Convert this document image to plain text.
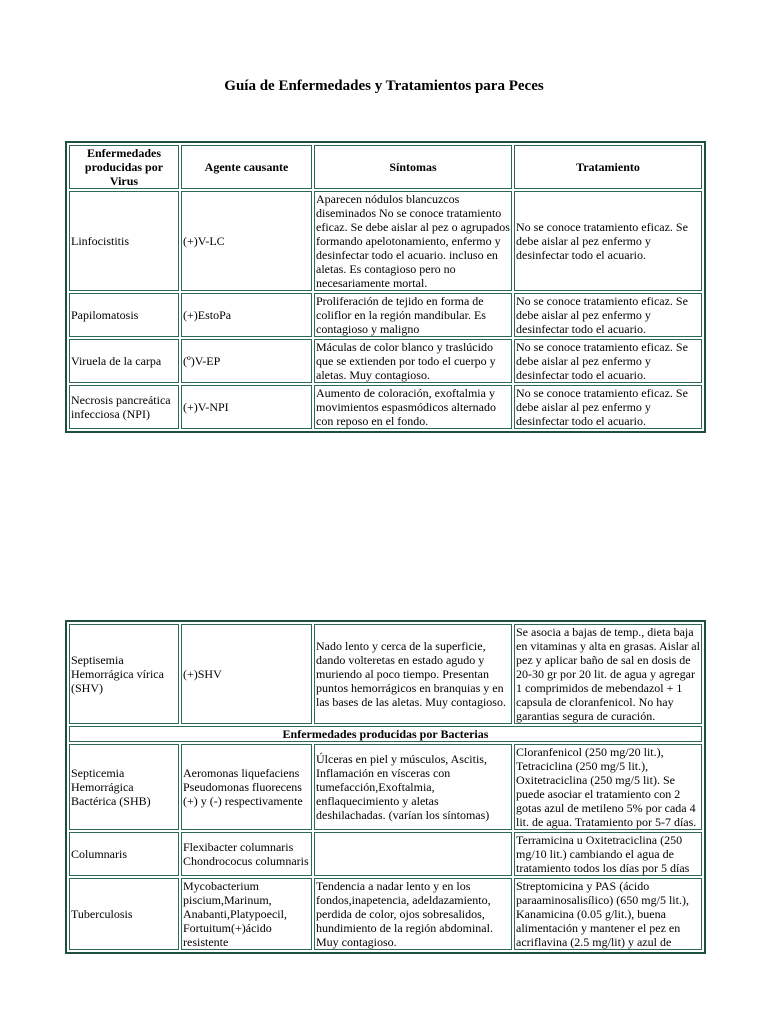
Guía de Enfermedades y Tratamientos para Peces
Enfermedades producidas por Virus	Agente causante	Síntomas	Tratamiento
Linfocistitis	(+)V-LC	Aparecen nódulos blancuzcos diseminados No se conoce tratamiento eficaz. Se debe aislar al pez o agrupados formando apelotonamiento, enfermo y desinfectar todo el acuario. incluso en aletas. Es contagioso pero no necesariamente mortal.	No se conoce tratamiento eficaz. Se debe aislar al pez enfermo y desinfectar todo el acuario.
Papilomatosis	(+)EstoPa	Proliferación de tejido en forma de coliflor en la región mandibular. Es contagioso y maligno	No se conoce tratamiento eficaz. Se debe aislar al pez enfermo y desinfectar todo el acuario.
Viruela de la carpa	(º)V-EP	Máculas de color blanco y traslúcido que se extienden por todo el cuerpo y aletas. Muy contagioso.	No se conoce tratamiento eficaz. Se debe aislar al pez enfermo y desinfectar todo el acuario.
Necrosis pancreática infecciosa (NPI)	(+)V-NPI	Aumento de coloración, exoftalmia y movimientos espasmódicos alternado con reposo en el fondo.	No se conoce tratamiento eficaz. Se debe aislar al pez enfermo y desinfectar todo el acuario.
Septisemia Hemorrágica vírica (SHV)	(+)SHV	Nado lento y cerca de la superficie, dando volteretas en estado agudo y muriendo al poco tiempo. Presentan puntos hemorrágicos en branquias y en las bases de las aletas. Muy contagioso.	Se asocia a bajas de temp., dieta baja en vitaminas y alta en grasas. Aislar al pez y aplicar baño de sal en dosis de 20-30 gr por 20 lit. de agua y agregar 1 comprimidos de mebendazol + 1 capsula de cloranfenicol. No hay garantias segura de curación.
Enfermedades producidas por Bacterias			
Septicemia Hemorrágica Bactérica (SHB)	Aeromonas liquefaciens Pseudomonas fluorecens (+) y (-) respectivamente	Úlceras en piel y músculos, Ascitis, Inflamación en vísceras con tumefacción,Exoftalmia, enflaquecimiento y aletas deshilachadas. (varían los síntomas)	Cloranfenicol (250 mg/20 lit.), Tetraciclina (250 mg/5 lit.), Oxitetraciclina (250 mg/5 lit). Se puede asociar el tratamiento con 2 gotas azul de metileno 5% por cada 4 lit. de agua. Tratamiento por 5-7 días.
Columnaris	Flexibacter columnaris Chondrococus columnaris		Terramicina u Oxitetraciclina (250 mg/10 lit.) cambiando el agua de tratamiento todos los días por 5 días
Tuberculosis	Mycobacterium piscium,Marinum, Anabanti,Platypoecil, Fortuitum(+)ácido resistente	Tendencia a nadar lento y en los fondos,inapetencia, adeldazamiento, perdida de color, ojos sobresalidos, hundimiento de la región abdominal. Muy contagioso.	Streptomicina y PAS (ácido paraaminosalisílico) (650 mg/5 lit.), Kanamicina (0.05 g/lit.), buena alimentación y mantener el pez en acriflavina (2.5 mg/lit) y azul de
